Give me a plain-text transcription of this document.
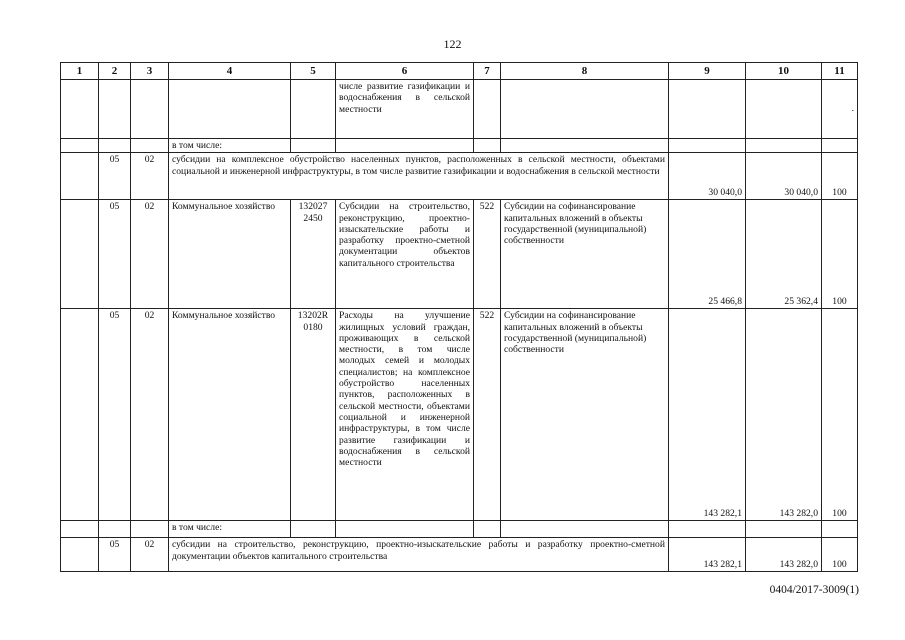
122
1	2	3	4	5	6	7	8	9	10	11
					числе развитие газификации и водоснабжения в сельской местности					.
			в том числе:							
	05	02	субсидии на комплексное обустройство населенных пунктов, расположенных в сельской местности, объектами социальной и инженерной инфраструктуры, в том числе развитие газификации и водоснабжения в сельской местности					30 040,0	30 040,0	100
	05	02	Коммунальное хозяйство	132027 2450	Субсидии на строительство, реконструкцию, проектно-изыскательские работы и разработку проектно-сметной документации объектов капитального строительства	522	Субсидии на софинансирование капитальных вложений в объекты государственной (муниципальной) собственности	25 466,8	25 362,4	100
	05	02	Коммунальное хозяйство	13202R 0180	Расходы на улучшение жилищных условий граждан, проживающих в сельской местности, в том числе молодых семей и молодых специалистов; на комплексное обустройство населенных пунктов, расположенных в сельской местности, объектами социальной и инженерной инфраструктуры, в том числе развитие газификации и водоснабжения в сельской местности	522	Субсидии на софинансирование капитальных вложений в объекты государственной (муниципальной) собственности	143 282,1	143 282,0	100
			в том числе:							
	05	02	субсидии на строительство, реконструкцию, проектно-изыскательские работы и разработку проектно-сметной документации объектов капитального строительства					143 282,1	143 282,0	100
0404/2017-3009(1)
